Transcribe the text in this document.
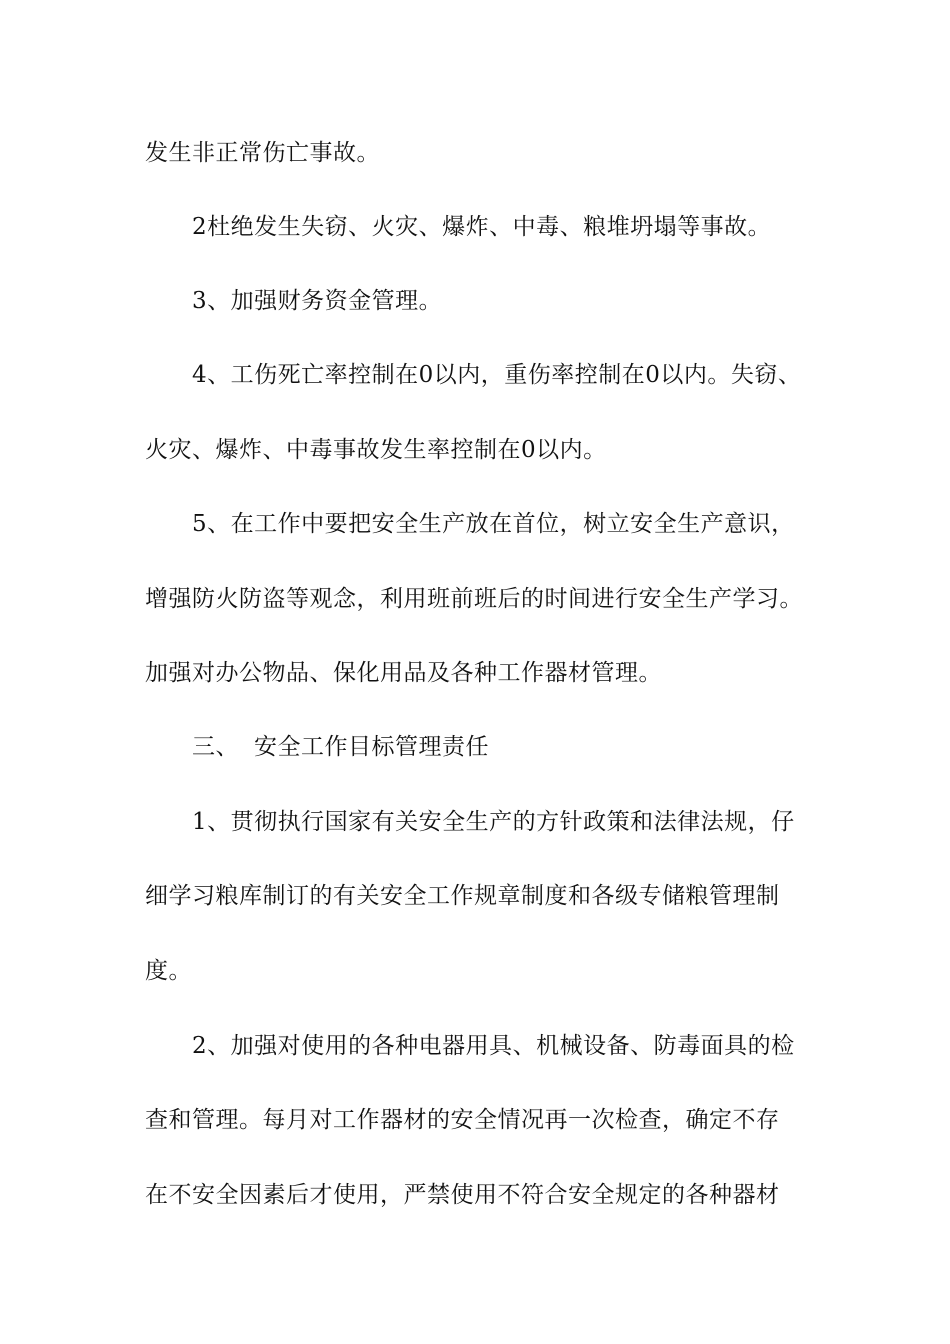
发生非正常伤亡事故。
2杜绝发生失窃、火灾、爆炸、中毒、粮堆坍塌等事故。
3、加强财务资金管理。
4、工伤死亡率控制在0以内，重伤率控制在0以内。失窃、
火灾、爆炸、中毒事故发生率控制在0以内。
5、在工作中要把安全生产放在首位，树立安全生产意识，
增强防火防盗等观念，利用班前班后的时间进行安全生产学习。
加强对办公物品、保化用品及各种工作器材管理。
三、 安全工作目标管理责任
1、贯彻执行国家有关安全生产的方针政策和法律法规，仔
细学习粮库制订的有关安全工作规章制度和各级专储粮管理制
度。
2、加强对使用的各种电器用具、机械设备、防毒面具的检
查和管理。每月对工作器材的安全情况再一次检查，确定不存
在不安全因素后才使用，严禁使用不符合安全规定的各种器材
